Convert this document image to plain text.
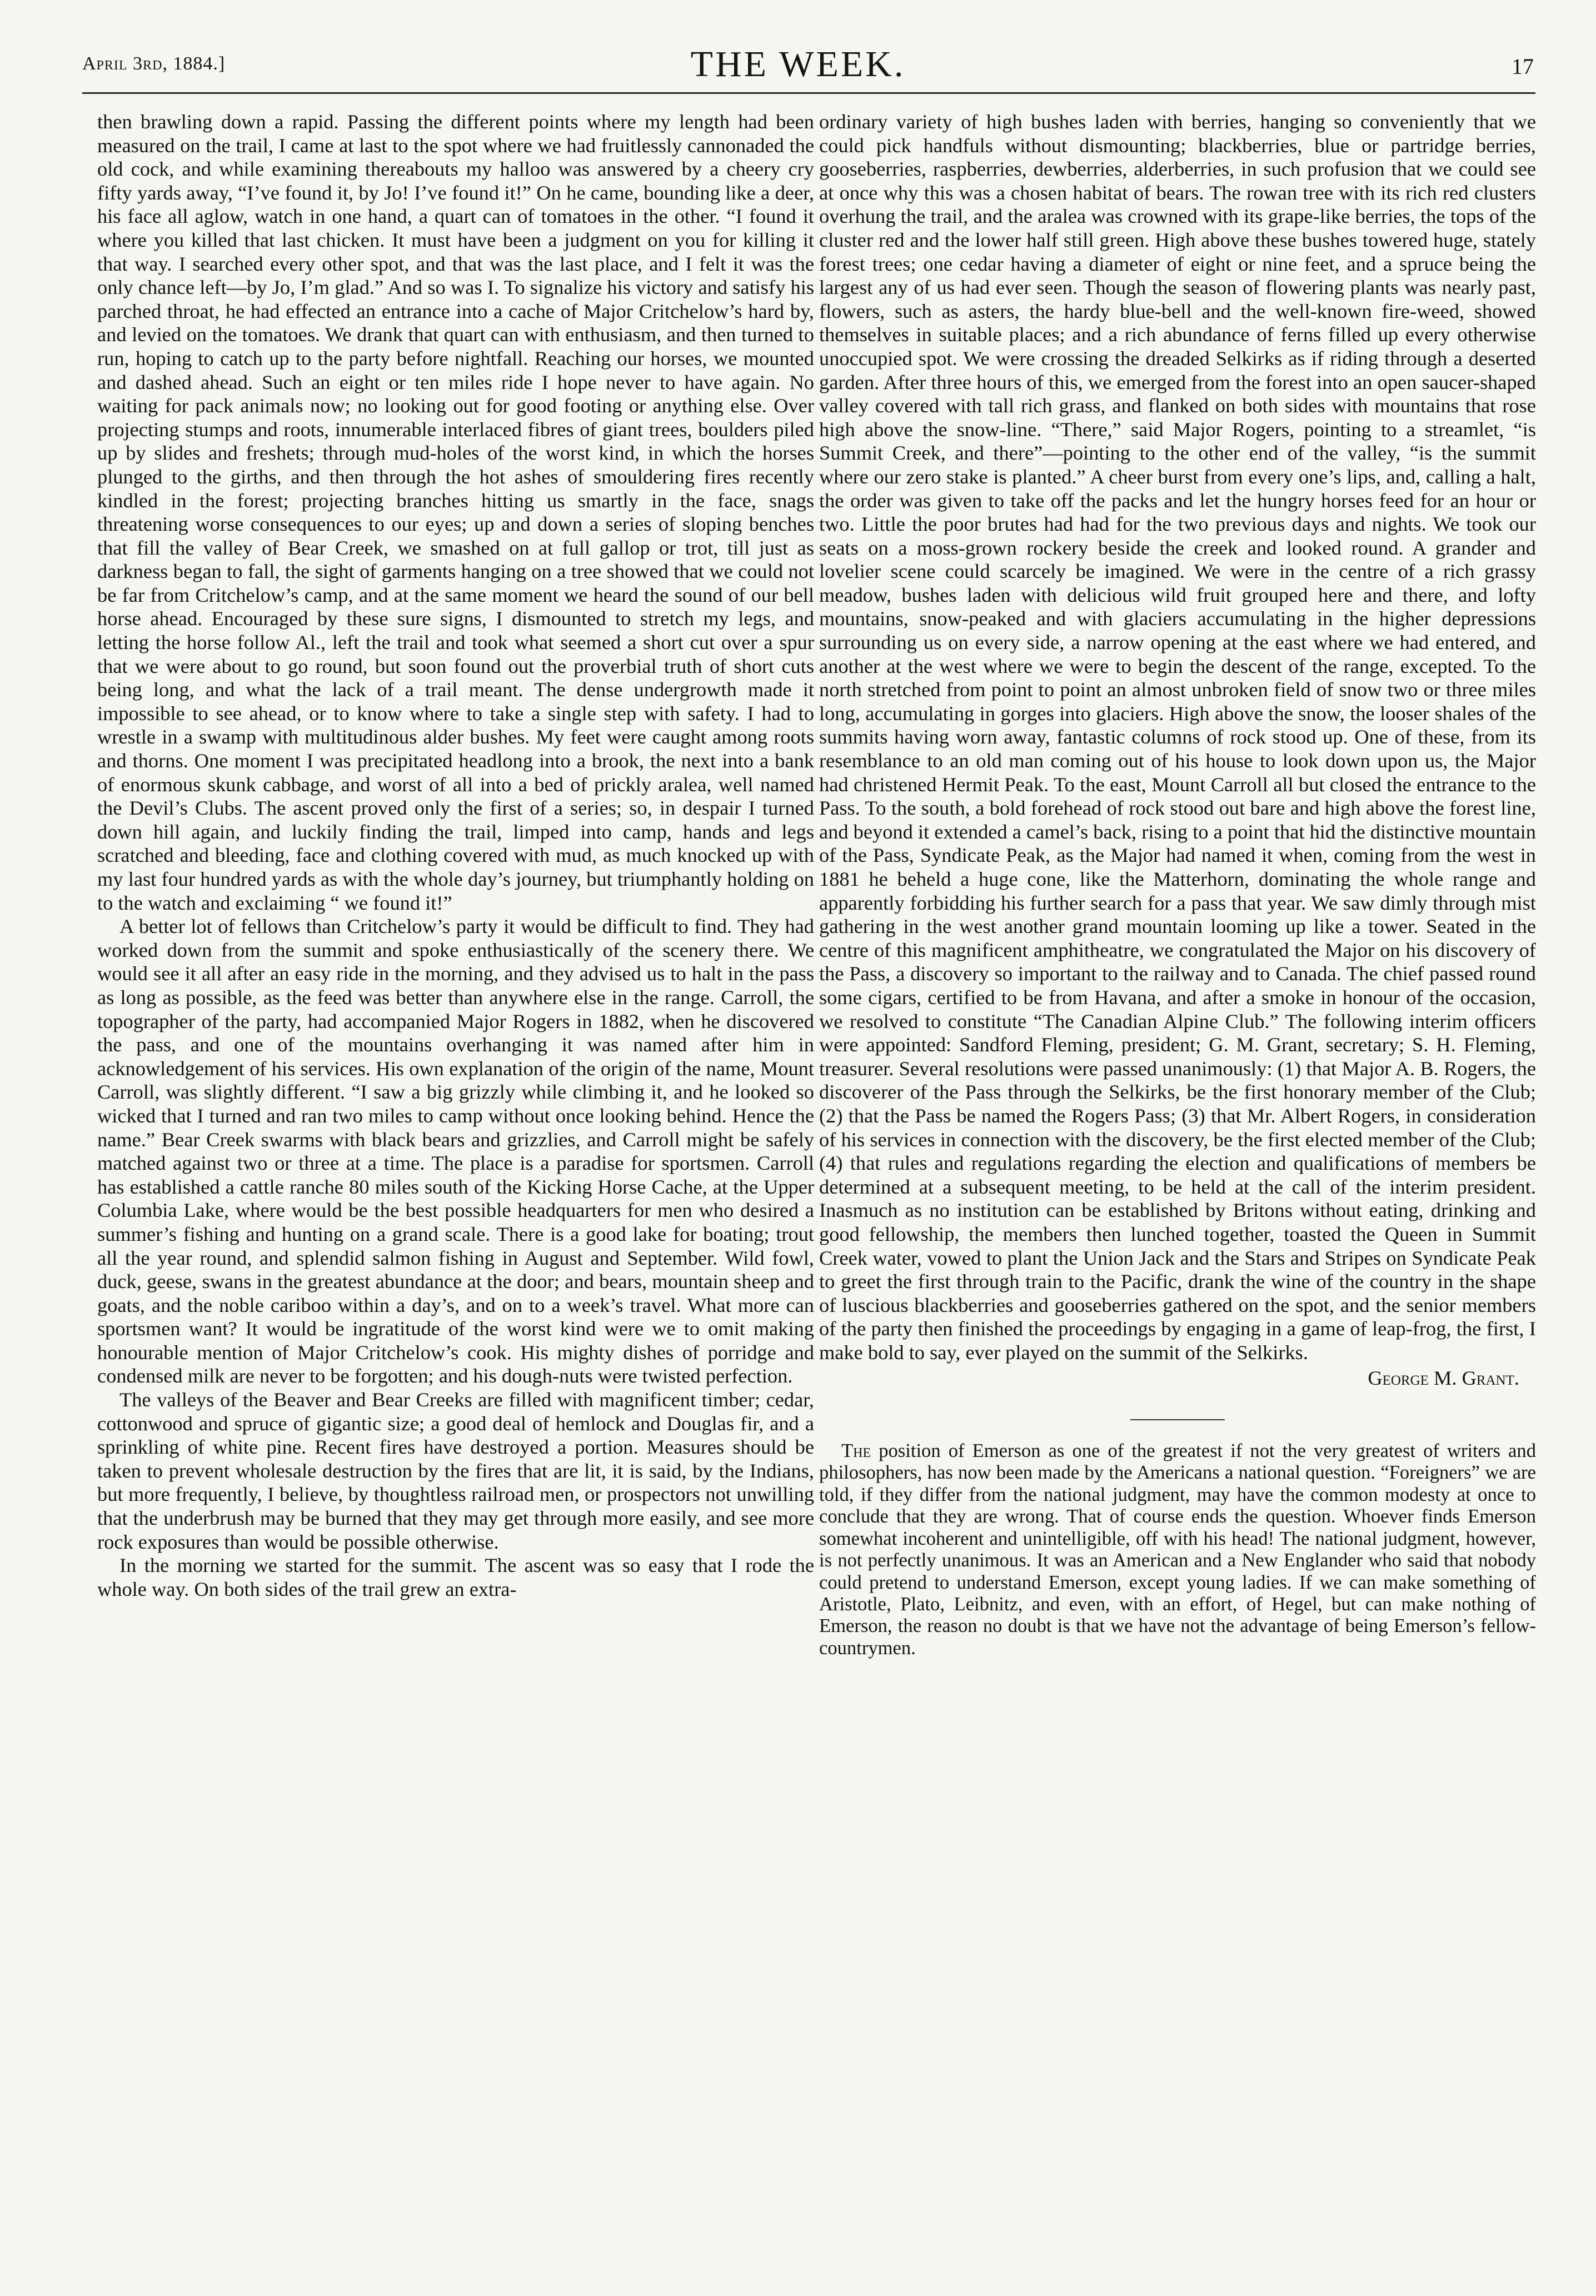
April 3rd, 1884.]	THE WEEK.	17

then brawling down a rapid. Passing the different points where my length had been measured on the trail, I came at last to the spot where we had fruitlessly cannonaded the old cock, and while examining thereabouts my halloo was answered by a cheery cry fifty yards away, “I’ve found it, by Jo! I’ve found it!” On he came, bounding like a deer, his face all aglow, watch in one hand, a quart can of tomatoes in the other. “I found it where you killed that last chicken. It must have been a judgment on you for killing it that way. I searched every other spot, and that was the last place, and I felt it was the only chance left—by Jo, I’m glad.” And so was I. To signalize his victory and satisfy his parched throat, he had effected an entrance into a cache of Major Critchelow’s hard by, and levied on the tomatoes. We drank that quart can with enthusiasm, and then turned to run, hoping to catch up to the party before nightfall. Reaching our horses, we mounted and dashed ahead. Such an eight or ten miles ride I hope never to have again. No waiting for pack animals now; no looking out for good footing or anything else. Over projecting stumps and roots, innumerable interlaced fibres of giant trees, boulders piled up by slides and freshets; through mud-holes of the worst kind, in which the horses plunged to the girths, and then through the hot ashes of smouldering fires recently kindled in the forest; projecting branches hitting us smartly in the face, snags threatening worse consequences to our eyes; up and down a series of sloping benches that fill the valley of Bear Creek, we smashed on at full gallop or trot, till just as darkness began to fall, the sight of garments hanging on a tree showed that we could not be far from Critchelow’s camp, and at the same moment we heard the sound of our bell horse ahead. Encouraged by these sure signs, I dismounted to stretch my legs, and letting the horse follow Al., left the trail and took what seemed a short cut over a spur that we were about to go round, but soon found out the proverbial truth of short cuts being long, and what the lack of a trail meant. The dense undergrowth made it impossible to see ahead, or to know where to take a single step with safety. I had to wrestle in a swamp with multitudinous alder bushes. My feet were caught among roots and thorns. One moment I was precipitated headlong into a brook, the next into a bank of enormous skunk cabbage, and worst of all into a bed of prickly aralea, well named the Devil’s Clubs. The ascent proved only the first of a series; so, in despair I turned down hill again, and luckily finding the trail, limped into camp, hands and legs scratched and bleeding, face and clothing covered with mud, as much knocked up with my last four hundred yards as with the whole day’s journey, but triumphantly holding on to the watch and exclaiming “ we found it!”

A better lot of fellows than Critchelow’s party it would be difficult to find. They had worked down from the summit and spoke enthusiastically of the scenery there. We would see it all after an easy ride in the morning, and they advised us to halt in the pass as long as possible, as the feed was better than anywhere else in the range. Carroll, the topographer of the party, had accompanied Major Rogers in 1882, when he discovered the pass, and one of the mountains overhanging it was named after him in acknowledgement of his services. His own explanation of the origin of the name, Mount Carroll, was slightly different. “I saw a big grizzly while climbing it, and he looked so wicked that I turned and ran two miles to camp without once looking behind. Hence the name.” Bear Creek swarms with black bears and grizzlies, and Carroll might be safely matched against two or three at a time. The place is a paradise for sportsmen. Carroll has established a cattle ranche 80 miles south of the Kicking Horse Cache, at the Upper Columbia Lake, where would be the best possible headquarters for men who desired a summer’s fishing and hunting on a grand scale. There is a good lake for boating; trout all the year round, and splendid salmon fishing in August and September. Wild fowl, duck, geese, swans in the greatest abundance at the door; and bears, mountain sheep and goats, and the noble cariboo within a day’s, and on to a week’s travel. What more can sportsmen want? It would be ingratitude of the worst kind were we to omit making honourable mention of Major Critchelow’s cook. His mighty dishes of porridge and condensed milk are never to be forgotten; and his dough-nuts were twisted perfection.

The valleys of the Beaver and Bear Creeks are filled with magnificent timber; cedar, cottonwood and spruce of gigantic size; a good deal of hemlock and Douglas fir, and a sprinkling of white pine. Recent fires have destroyed a portion. Measures should be taken to prevent wholesale destruction by the fires that are lit, it is said, by the Indians, but more frequently, I believe, by thoughtless railroad men, or prospectors not unwilling that the underbrush may be burned that they may get through more easily, and see more rock exposures than would be possible otherwise.

In the morning we started for the summit. The ascent was so easy that I rode the whole way. On both sides of the trail grew an extra-

ordinary variety of high bushes laden with berries, hanging so conveniently that we could pick handfuls without dismounting; blackberries, blue or partridge berries, gooseberries, raspberries, dewberries, alderberries, in such profusion that we could see at once why this was a chosen habitat of bears. The rowan tree with its rich red clusters overhung the trail, and the aralea was crowned with its grape-like berries, the tops of the cluster red and the lower half still green. High above these bushes towered huge, stately forest trees; one cedar having a diameter of eight or nine feet, and a spruce being the largest any of us had ever seen. Though the season of flowering plants was nearly past, flowers, such as asters, the hardy blue-bell and the well-known fire-weed, showed themselves in suitable places; and a rich abundance of ferns filled up every otherwise unoccupied spot. We were crossing the dreaded Selkirks as if riding through a deserted garden. After three hours of this, we emerged from the forest into an open saucer-shaped valley covered with tall rich grass, and flanked on both sides with mountains that rose high above the snow-line. “There,” said Major Rogers, pointing to a streamlet, “is Summit Creek, and there”—pointing to the other end of the valley, “is the summit where our zero stake is planted.” A cheer burst from every one’s lips, and, calling a halt, the order was given to take off the packs and let the hungry horses feed for an hour or two. Little the poor brutes had had for the two previous days and nights. We took our seats on a moss-grown rockery beside the creek and looked round. A grander and lovelier scene could scarcely be imagined. We were in the centre of a rich grassy meadow, bushes laden with delicious wild fruit grouped here and there, and lofty mountains, snow-peaked and with glaciers accumulating in the higher depressions surrounding us on every side, a narrow opening at the east where we had entered, and another at the west where we were to begin the descent of the range, excepted. To the north stretched from point to point an almost unbroken field of snow two or three miles long, accumulating in gorges into glaciers. High above the snow, the looser shales of the summits having worn away, fantastic columns of rock stood up. One of these, from its resemblance to an old man coming out of his house to look down upon us, the Major had christened Hermit Peak. To the east, Mount Carroll all but closed the entrance to the Pass. To the south, a bold forehead of rock stood out bare and high above the forest line, and beyond it extended a camel’s back, rising to a point that hid the distinctive mountain of the Pass, Syndicate Peak, as the Major had named it when, coming from the west in 1881 he beheld a huge cone, like the Matterhorn, dominating the whole range and apparently forbidding his further search for a pass that year. We saw dimly through mist gathering in the west another grand mountain looming up like a tower. Seated in the centre of this magnificent amphitheatre, we congratulated the Major on his discovery of the Pass, a discovery so important to the railway and to Canada. The chief passed round some cigars, certified to be from Havana, and after a smoke in honour of the occasion, we resolved to constitute “The Canadian Alpine Club.” The following interim officers were appointed: Sandford Fleming, president; G. M. Grant, secretary; S. H. Fleming, treasurer. Several resolutions were passed unanimously: (1) that Major A. B. Rogers, the discoverer of the Pass through the Selkirks, be the first honorary member of the Club; (2) that the Pass be named the Rogers Pass; (3) that Mr. Albert Rogers, in consideration of his services in connection with the discovery, be the first elected member of the Club; (4) that rules and regulations regarding the election and qualifications of members be determined at a subsequent meeting, to be held at the call of the interim president. Inasmuch as no institution can be established by Britons without eating, drinking and good fellowship, the members then lunched together, toasted the Queen in Summit Creek water, vowed to plant the Union Jack and the Stars and Stripes on Syndicate Peak to greet the first through train to the Pacific, drank the wine of the country in the shape of luscious blackberries and gooseberries gathered on the spot, and the senior members of the party then finished the proceedings by engaging in a game of leap-frog, the first, I make bold to say, ever played on the summit of the Selkirks.

George M. Grant.

The position of Emerson as one of the greatest if not the very greatest of writers and philosophers, has now been made by the Americans a national question. “Foreigners” we are told, if they differ from the national judgment, may have the common modesty at once to conclude that they are wrong. That of course ends the question. Whoever finds Emerson somewhat incoherent and unintelligible, off with his head! The national judgment, however, is not perfectly unanimous. It was an American and a New Englander who said that nobody could pretend to understand Emerson, except young ladies. If we can make something of Aristotle, Plato, Leibnitz, and even, with an effort, of Hegel, but can make nothing of Emerson, the reason no doubt is that we have not the advantage of being Emerson’s fellow-countrymen.
